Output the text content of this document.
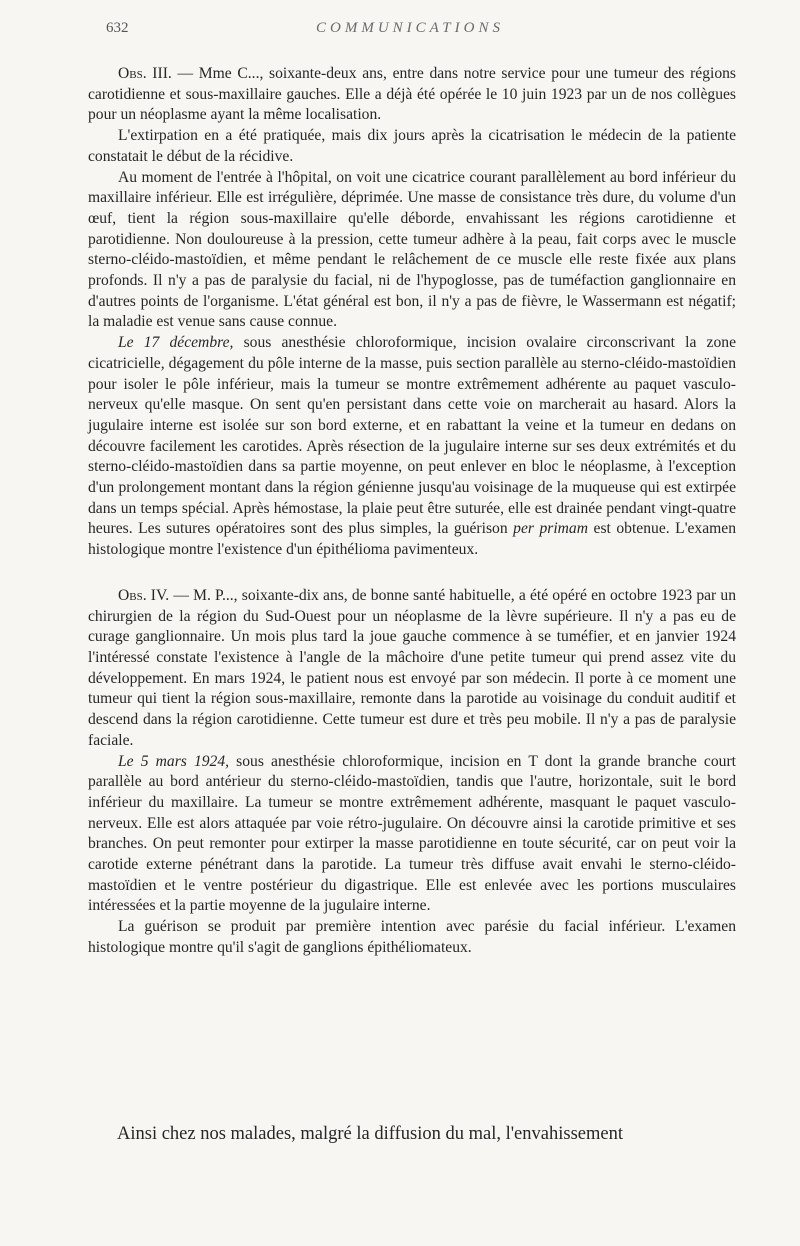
632	COMMUNICATIONS

Obs. III. — Mme C..., soixante-deux ans, entre dans notre service pour une tumeur des régions carotidienne et sous-maxillaire gauches. Elle a déjà été opérée le 10 juin 1923 par un de nos collègues pour un néoplasme ayant la même localisation.

L'extirpation en a été pratiquée, mais dix jours après la cicatrisation le médecin de la patiente constatait le début de la récidive.

Au moment de l'entrée à l'hôpital, on voit une cicatrice courant parallèlement au bord inférieur du maxillaire inférieur. Elle est irrégulière, déprimée. Une masse de consistance très dure, du volume d'un œuf, tient la région sous-maxillaire qu'elle déborde, envahissant les régions carotidienne et parotidienne. Non douloureuse à la pression, cette tumeur adhère à la peau, fait corps avec le muscle sterno-cléido-mastoïdien, et même pendant le relâchement de ce muscle elle reste fixée aux plans profonds. Il n'y a pas de paralysie du facial, ni de l'hypoglosse, pas de tuméfaction ganglionnaire en d'autres points de l'organisme. L'état général est bon, il n'y a pas de fièvre, le Wassermann est négatif; la maladie est venue sans cause connue.

Le 17 décembre, sous anesthésie chloroformique, incision ovalaire circonscrivant la zone cicatricielle, dégagement du pôle interne de la masse, puis section parallèle au sterno-cléido-mastoïdien pour isoler le pôle inférieur, mais la tumeur se montre extrêmement adhérente au paquet vasculo-nerveux qu'elle masque. On sent qu'en persistant dans cette voie on marcherait au hasard. Alors la jugulaire interne est isolée sur son bord externe, et en rabattant la veine et la tumeur en dedans on découvre facilement les carotides. Après résection de la jugulaire interne sur ses deux extrémités et du sterno-cléido-mastoïdien dans sa partie moyenne, on peut enlever en bloc le néoplasme, à l'exception d'un prolongement montant dans la région génienne jusqu'au voisinage de la muqueuse qui est extirpée dans un temps spécial. Après hémostase, la plaie peut être suturée, elle est drainée pendant vingt-quatre heures. Les sutures opératoires sont des plus simples, la guérison per primam est obtenue. L'examen histologique montre l'existence d'un épithélioma pavimenteux.

Obs. IV. — M. P..., soixante-dix ans, de bonne santé habituelle, a été opéré en octobre 1923 par un chirurgien de la région du Sud-Ouest pour un néoplasme de la lèvre supérieure. Il n'y a pas eu de curage ganglionnaire. Un mois plus tard la joue gauche commence à se tuméfier, et en janvier 1924 l'intéressé constate l'existence à l'angle de la mâchoire d'une petite tumeur qui prend assez vite du développement. En mars 1924, le patient nous est envoyé par son médecin. Il porte à ce moment une tumeur qui tient la région sous-maxillaire, remonte dans la parotide au voisinage du conduit auditif et descend dans la région carotidienne. Cette tumeur est dure et très peu mobile. Il n'y a pas de paralysie faciale.

Le 5 mars 1924, sous anesthésie chloroformique, incision en T dont la grande branche court parallèle au bord antérieur du sterno-cléido-mastoïdien, tandis que l'autre, horizontale, suit le bord inférieur du maxillaire. La tumeur se montre extrêmement adhérente, masquant le paquet vasculo-nerveux. Elle est alors attaquée par voie rétro-jugulaire. On découvre ainsi la carotide primitive et ses branches. On peut remonter pour extirper la masse parotidienne en toute sécurité, car on peut voir la carotide externe pénétrant dans la parotide. La tumeur très diffuse avait envahi le sterno-cléido-mastoïdien et le ventre postérieur du digastrique. Elle est enlevée avec les portions musculaires intéressées et la partie moyenne de la jugulaire interne.

La guérison se produit par première intention avec parésie du facial inférieur. L'examen histologique montre qu'il s'agit de ganglions épithéliomateux.

Ainsi chez nos malades, malgré la diffusion du mal, l'envahissement
